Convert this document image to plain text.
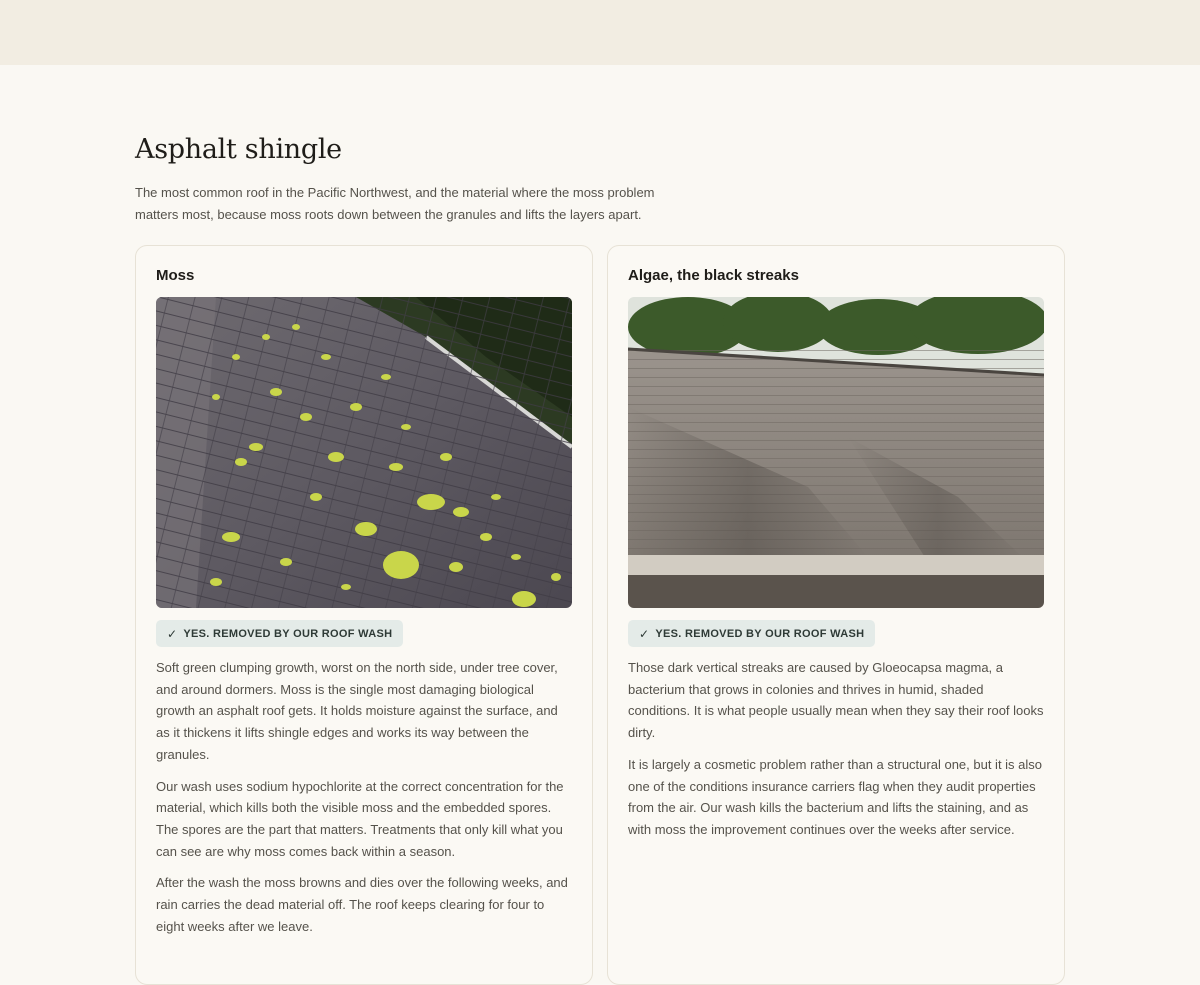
Asphalt shingle

The most common roof in the Pacific Northwest, and the material where the moss problem matters most, because moss roots down between the granules and lifts the layers apart.

Moss
✓ YES. REMOVED BY OUR ROOF WASH

Soft green clumping growth, worst on the north side, under tree cover, and around dormers. Moss is the single most damaging biological growth an asphalt roof gets. It holds moisture against the surface, and as it thickens it lifts shingle edges and works its way between the granules.

Our wash uses sodium hypochlorite at the correct concentration for the material, which kills both the visible moss and the embedded spores. The spores are the part that matters. Treatments that only kill what you can see are why moss comes back within a season.

After the wash the moss browns and dies over the following weeks, and rain carries the dead material off. The roof keeps clearing for four to eight weeks after we leave.

Algae, the black streaks
✓ YES. REMOVED BY OUR ROOF WASH

Those dark vertical streaks are caused by Gloeocapsa magma, a bacterium that grows in colonies and thrives in humid, shaded conditions. It is what people usually mean when they say their roof looks dirty.

It is largely a cosmetic problem rather than a structural one, but it is also one of the conditions insurance carriers flag when they audit properties from the air. Our wash kills the bacterium and lifts the staining, and as with moss the improvement continues over the weeks after service.
